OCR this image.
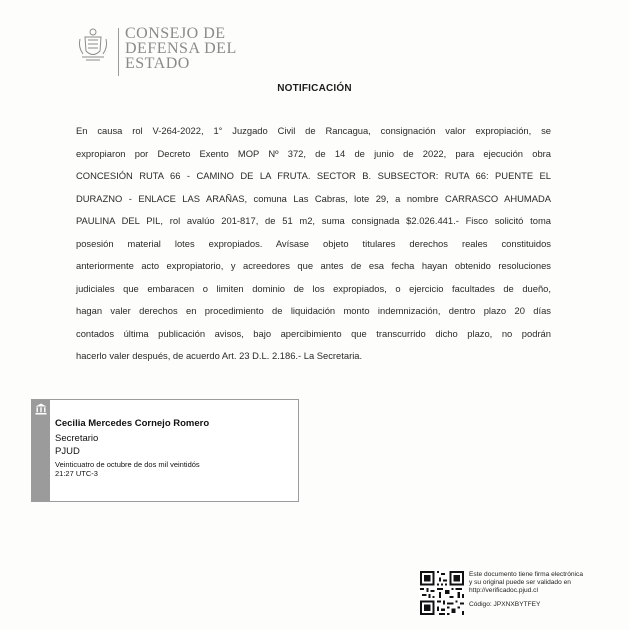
CONSEJO DE
DEFENSA DEL
ESTADO
NOTIFICACIÓN
En causa rol V-264-2022, 1° Juzgado Civil de Rancagua, consignación valor expropiación, se
expropiaron por Decreto Exento MOP Nº 372, de 14 de junio de 2022, para ejecución obra
CONCESIÓN RUTA 66 - CAMINO DE LA FRUTA. SECTOR B. SUBSECTOR: RUTA 66: PUENTE EL
DURAZNO - ENLACE LAS ARAÑAS, comuna Las Cabras, lote 29, a nombre CARRASCO AHUMADA
PAULINA DEL PIL, rol avalúo 201-817, de 51 m2, suma consignada $2.026.441.- Fisco solicitó toma
posesión material lotes expropiados. Avísase objeto titulares derechos reales constituidos
anteriormente acto expropiatorio, y acreedores que antes de esa fecha hayan obtenido resoluciones
judiciales que embaracen o limiten dominio de los expropiados, o ejercicio facultades de dueño,
hagan valer derechos en procedimiento de liquidación monto indemnización, dentro plazo 20 días
contados última publicación avisos, bajo apercibimiento que transcurrido dicho plazo, no podrán
hacerlo valer después, de acuerdo Art. 23 D.L. 2.186.- La Secretaria.
Cecilia Mercedes Cornejo Romero
Secretario
PJUD
Veinticuatro de octubre de dos mil veintidós
21:27 UTC-3
Este documento tiene firma electrónica
y su original puede ser validado en
http://verificadoc.pjud.cl
Código: JPXNXBYTFEY
